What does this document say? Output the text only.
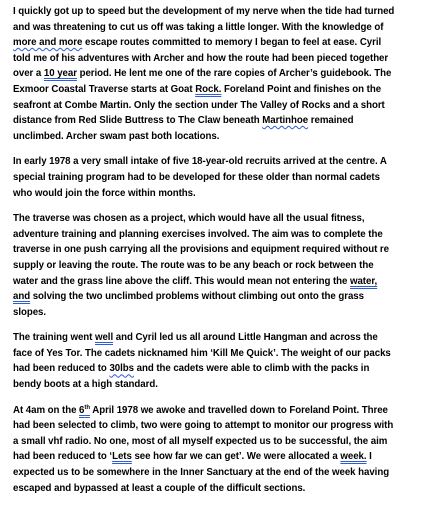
I quickly got up to speed but the development of my nerve when the tide had turned
and was threatening to cut us off was taking a little longer. With the knowledge of
more and more escape routes committed to memory I began to feel at ease. Cyril
told me of his adventures with Archer and how the route had been pieced together
over a 10 year period. He lent me one of the rare copies of Archer’s guidebook. The
Exmoor Coastal Traverse starts at Goat Rock. Foreland Point and finishes on the
seafront at Combe Martin. Only the section under The Valley of Rocks and a short
distance from Red Slide Buttress to The Claw beneath Martinhoe remained
unclimbed. Archer swam past both locations.

In early 1978 a very small intake of five 18-year-old recruits arrived at the centre. A
special training program had to be developed for these older than normal cadets
who would join the force within months.

The traverse was chosen as a project, which would have all the usual fitness,
adventure training and planning exercises involved. The aim was to complete the
traverse in one push carrying all the provisions and equipment required without re
supply or leaving the route. The route was to be any beach or rock between the
water and the grass line above the cliff. This would mean not entering the water,
and solving the two unclimbed problems without climbing out onto the grass
slopes.

The training went well and Cyril led us all around Little Hangman and across the
face of Yes Tor. The cadets nicknamed him ‘Kill Me Quick’. The weight of our packs
had been reduced to 30lbs and the cadets were able to climb with the packs in
bendy boots at a high standard.

At 4am on the 6th April 1978 we awoke and travelled down to Foreland Point. Three
had been selected to climb, two were going to attempt to monitor our progress with
a small vhf radio. No one, most of all myself expected us to be successful, the aim
had been reduced to ‘Lets see how far we can get’. We were allocated a week. I
expected us to be somewhere in the Inner Sanctuary at the end of the week having
escaped and bypassed at least a couple of the difficult sections.
